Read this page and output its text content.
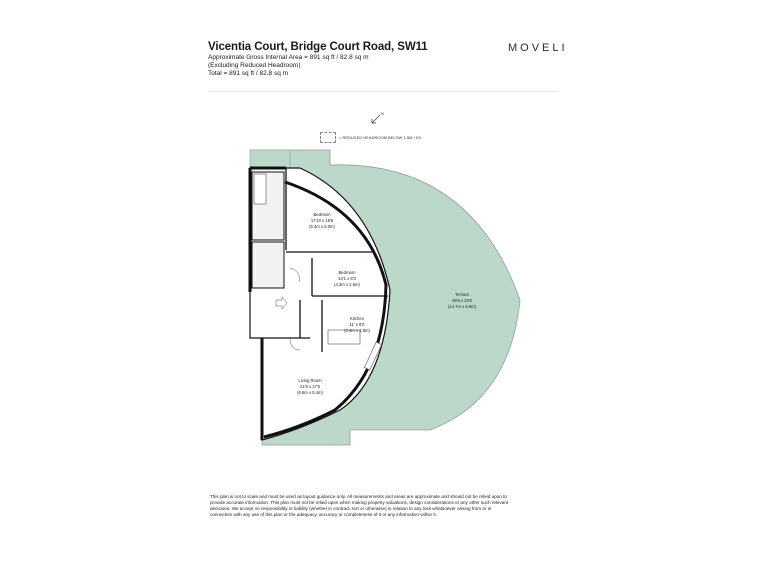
Vicentia Court, Bridge Court Road, SW11

Approximate Gross Internal Area = 891 sq ft / 82.8 sq m

(Excluding Reduced Headroom)

Total = 891 sq ft / 82.8 sq m

MOVELI
N
= REDUCED HEADROOM BELOW 1.5M / 5'0
Bedroom
17'10 x 16'6
(5.4m x 5.0m)
Bedroom
14'1 x 8'3
(4.3m x 2.5m)
Kitchen
11' x 6'0
(3.4m x 1.8m)
Living Room
21'9 x 17'6
(6.6m x 5.4m)
Terrace
48'5 x 23'5
(14.7m x 6.8m)
This plan is not to scale and must be used as layout guidance only. All measurements and areas are approximate and should not be relied upon to provide accurate information. This plan must not be relied upon when making property valuations, design considerations or any other such relevant decisions. We accept no responsibility or liability (whether in contract, tort or otherwise) in relation to any loss whatsoever arising from or in connection with any use of this plan or the adequacy, accuracy or completeness of it or any information within it.
